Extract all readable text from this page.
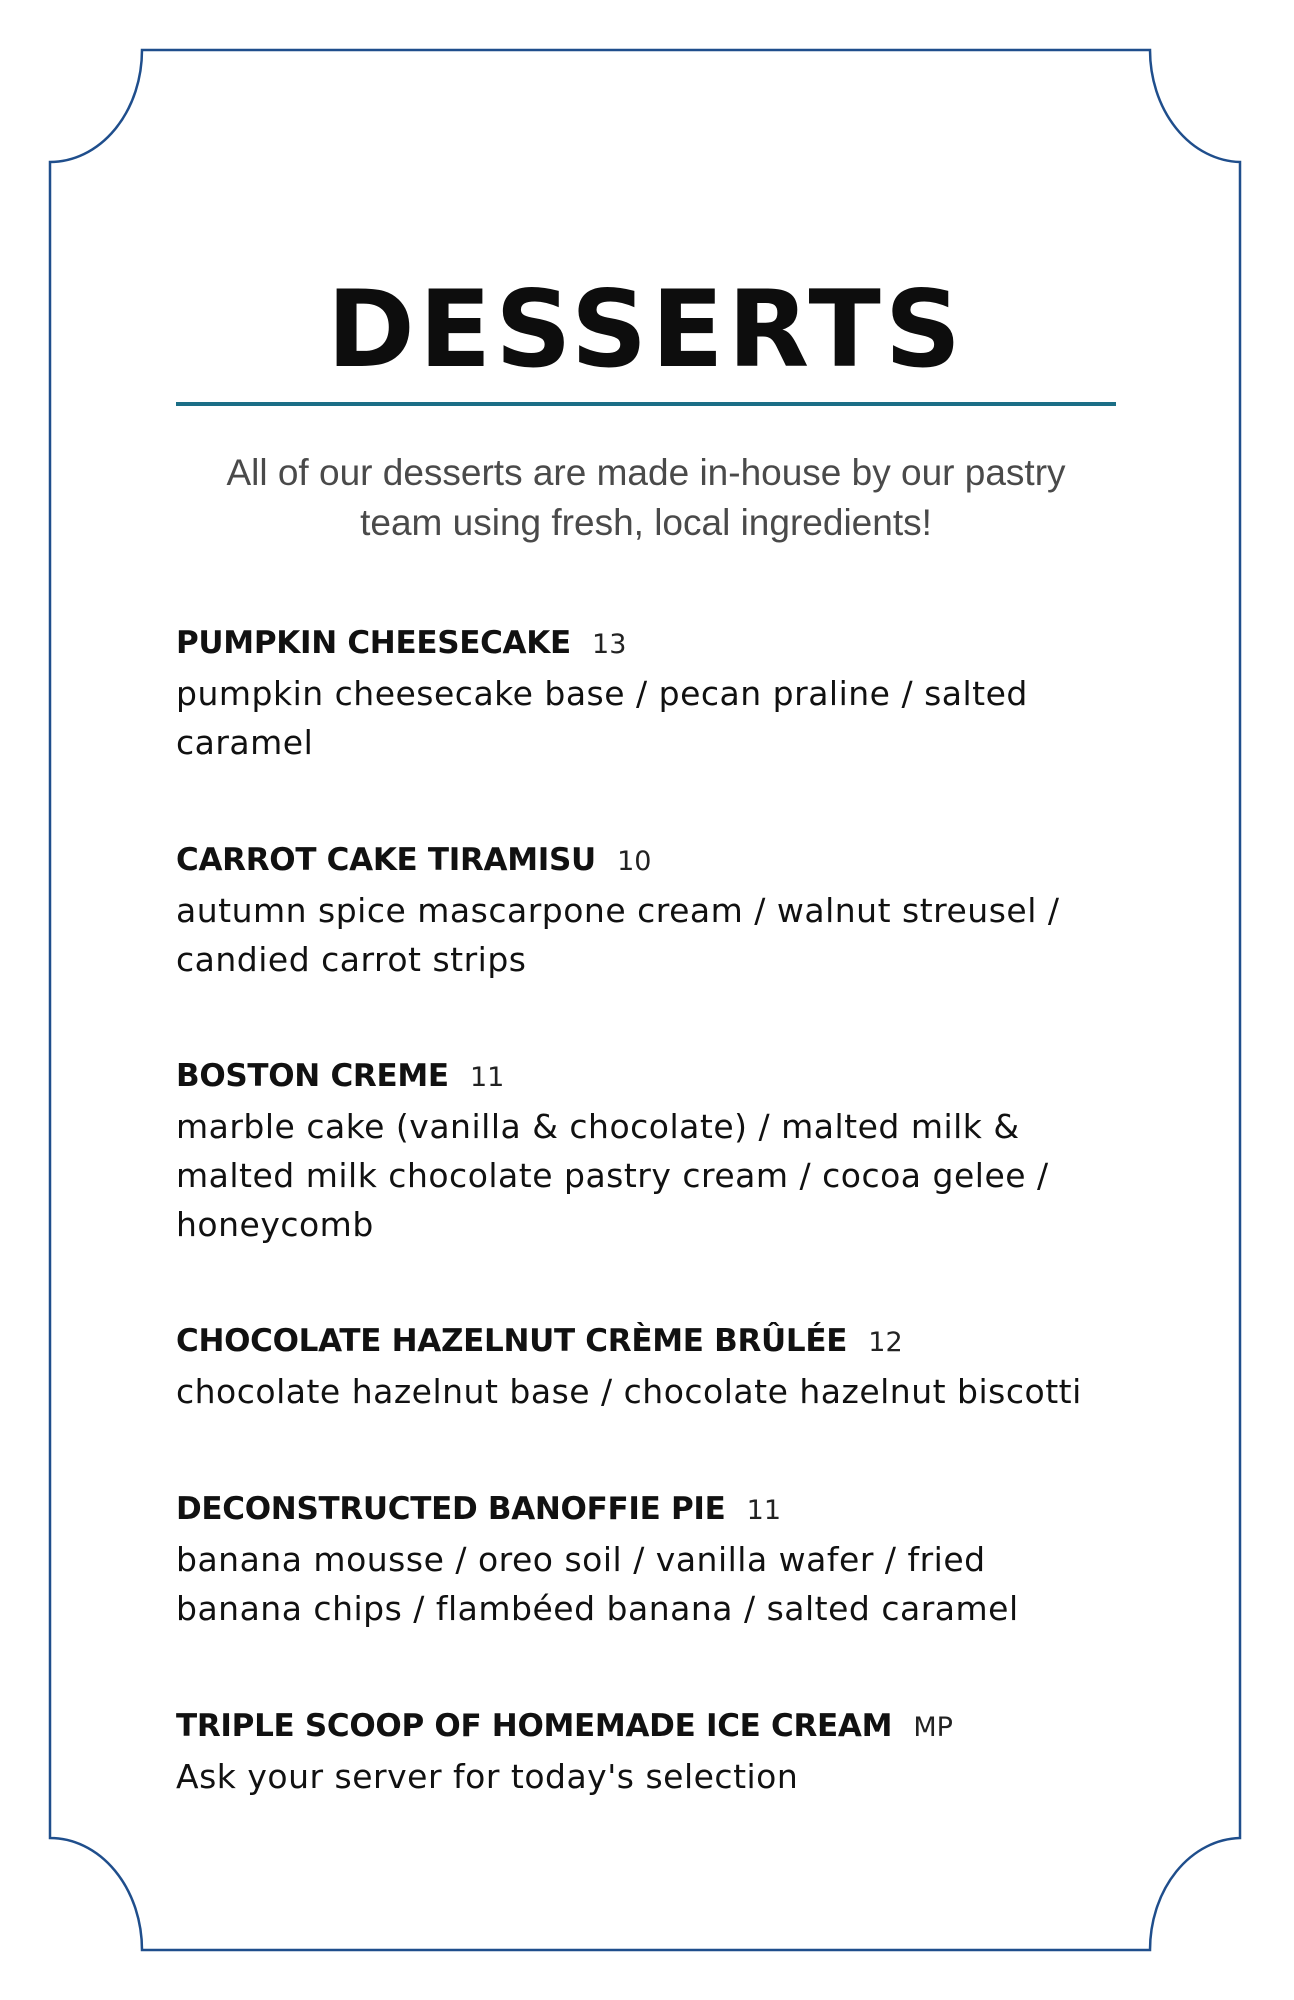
DESSERTS
All of our desserts are made in-house by our pastry
team using fresh, local ingredients!
PUMPKIN CHEESECAKE 13
pumpkin cheesecake base / pecan praline / salted
caramel
CARROT CAKE TIRAMISU 10
autumn spice mascarpone cream / walnut streusel /
candied carrot strips
BOSTON CREME 11
marble cake (vanilla & chocolate) / malted milk &
malted milk chocolate pastry cream / cocoa gelee /
honeycomb
CHOCOLATE HAZELNUT CRÈME BRÛLÉE 12
chocolate hazelnut base / chocolate hazelnut biscotti
DECONSTRUCTED BANOFFIE PIE 11
banana mousse / oreo soil / vanilla wafer / fried
banana chips / flambéed banana / salted caramel
TRIPLE SCOOP OF HOMEMADE ICE CREAM MP
Ask your server for today's selection
